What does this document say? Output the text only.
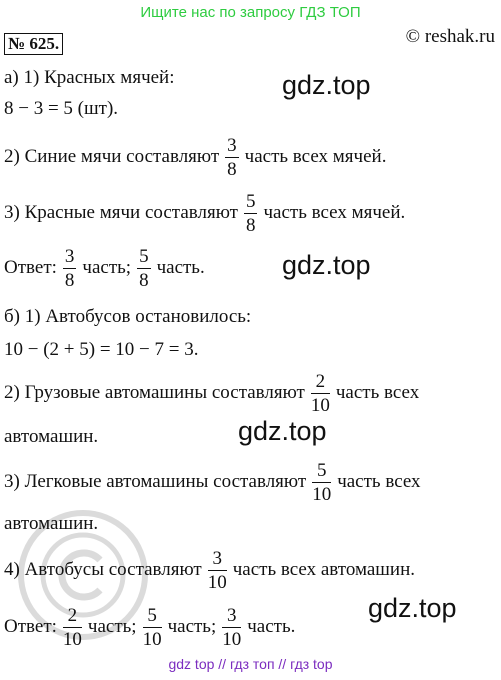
Ищите нас по запросу ГДЗ ТОП
№ 625.	© reshak.ru
gdz.top
gdz.top
gdz.top
gdz.top
а) 1) Красных мячей:
8 − 3 = 5 (шт).
2) Синие мячи составляют $\frac{3}{8}$ часть всех мячей.
3) Красные мячи составляют $\frac{5}{8}$ часть всех мячей.
Ответ: $\frac{3}{8}$ часть; $\frac{5}{8}$ часть.
б) 1) Автобусов остановилось:
10 − (2 + 5) = 10 − 7 = 3.
2) Грузовые автомашины составляют $\frac{2}{10}$ часть всех
автомашин.
3) Легковые автомашины составляют $\frac{5}{10}$ часть всех
автомашин.
4) Автобусы составляют $\frac{3}{10}$ часть всех автомашин.
Ответ: $\frac{2}{10}$ часть; $\frac{5}{10}$ часть; $\frac{3}{10}$ часть.
gdz top // гдз топ // гдз top
